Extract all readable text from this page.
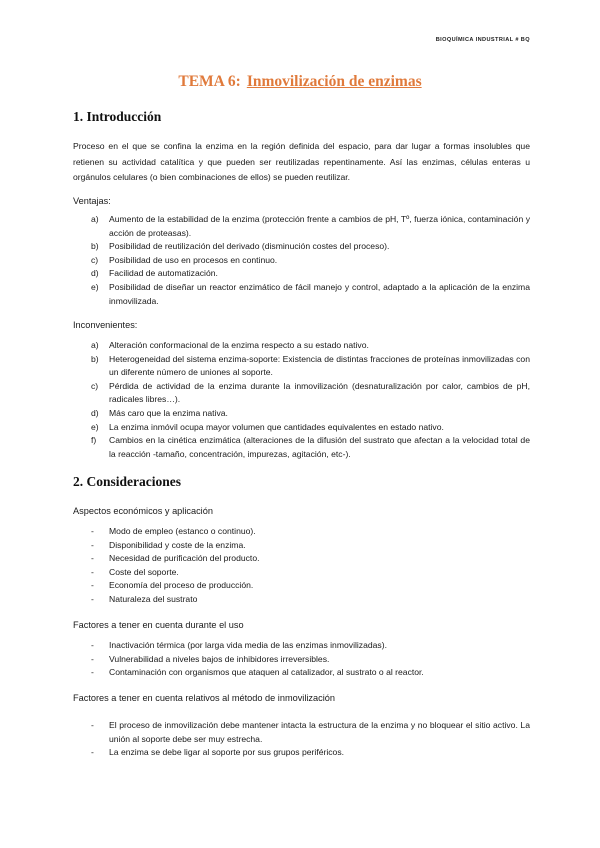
BIOQUÍMICA INDUSTRIAL # BQ
TEMA 6: Inmovilización de enzimas
1. Introducción
Proceso en el que se confina la enzima en la región definida del espacio, para dar lugar a formas insolubles que retienen su actividad catalítica y que pueden ser reutilizadas repentinamente. Así las enzimas, células enteras u orgánulos celulares (o bien combinaciones de ellos) se pueden reutilizar.
Ventajas:
a) Aumento de la estabilidad de la enzima (protección frente a cambios de pH, Tº, fuerza iónica, contaminación y acción de proteasas).
b) Posibilidad de reutilización del derivado (disminución costes del proceso).
c) Posibilidad de uso en procesos en continuo.
d) Facilidad de automatización.
e) Posibilidad de diseñar un reactor enzimático de fácil manejo y control, adaptado a la aplicación de la enzima inmovilizada.
Inconvenientes:
a) Alteración conformacional de la enzima respecto a su estado nativo.
b) Heterogeneidad del sistema enzima-soporte: Existencia de distintas fracciones de proteínas inmovilizadas con un diferente número de uniones al soporte.
c) Pérdida de actividad de la enzima durante la inmovilización (desnaturalización por calor, cambios de pH, radicales libres…).
d) Más caro que la enzima nativa.
e) La enzima inmóvil ocupa mayor volumen que cantidades equivalentes en estado nativo.
f) Cambios en la cinética enzimática (alteraciones de la difusión del sustrato que afectan a la velocidad total de la reacción -tamaño, concentración, impurezas, agitación, etc-).
2. Consideraciones
Aspectos económicos y aplicación
- Modo de empleo (estanco o continuo).
- Disponibilidad y coste de la enzima.
- Necesidad de purificación del producto.
- Coste del soporte.
- Economía del proceso de producción.
- Naturaleza del sustrato
Factores a tener en cuenta durante el uso
- Inactivación térmica (por larga vida media de las enzimas inmovilizadas).
- Vulnerabilidad a niveles bajos de inhibidores irreversibles.
- Contaminación con organismos que ataquen al catalizador, al sustrato o al reactor.
Factores a tener en cuenta relativos al método de inmovilización
- El proceso de inmovilización debe mantener intacta la estructura de la enzima y no bloquear el sitio activo. La unión al soporte debe ser muy estrecha.
- La enzima se debe ligar al soporte por sus grupos periféricos.
